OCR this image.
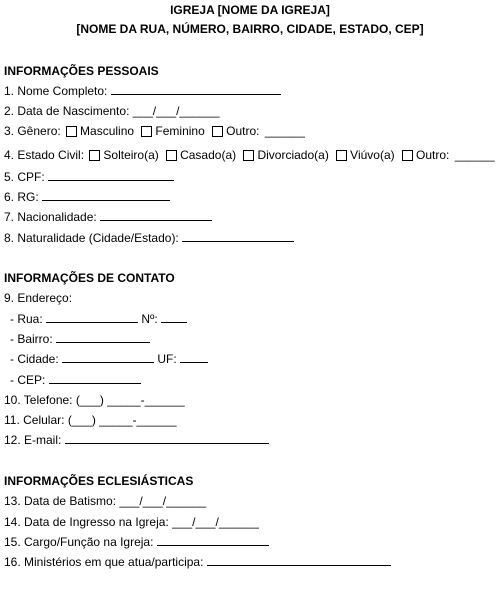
IGREJA [NOME DA IGREJA]
[NOME DA RUA, NÚMERO, BAIRRO, CIDADE, ESTADO, CEP]
INFORMAÇÕES PESSOAIS
1. Nome Completo:
2. Data de Nascimento: ___/___/______
3. Gênero: Masculino Feminino Outro: ______
4. Estado Civil: Solteiro(a) Casado(a) Divorciado(a) Viúvo(a) Outro: ______
5. CPF:
6. RG:
7. Nacionalidade:
8. Naturalidade (Cidade/Estado):
INFORMAÇÕES DE CONTATO
9. Endereço:
- Rua:	Nº:
- Bairro:
- Cidade:	UF:
- CEP:
10. Telefone: (___) _____-______
11. Celular: (___) _____-______
12. E-mail:
INFORMAÇÕES ECLESIÁSTICAS
13. Data de Batismo: ___/___/______
14. Data de Ingresso na Igreja: ___/___/______
15. Cargo/Função na Igreja:
16. Ministérios em que atua/participa:
